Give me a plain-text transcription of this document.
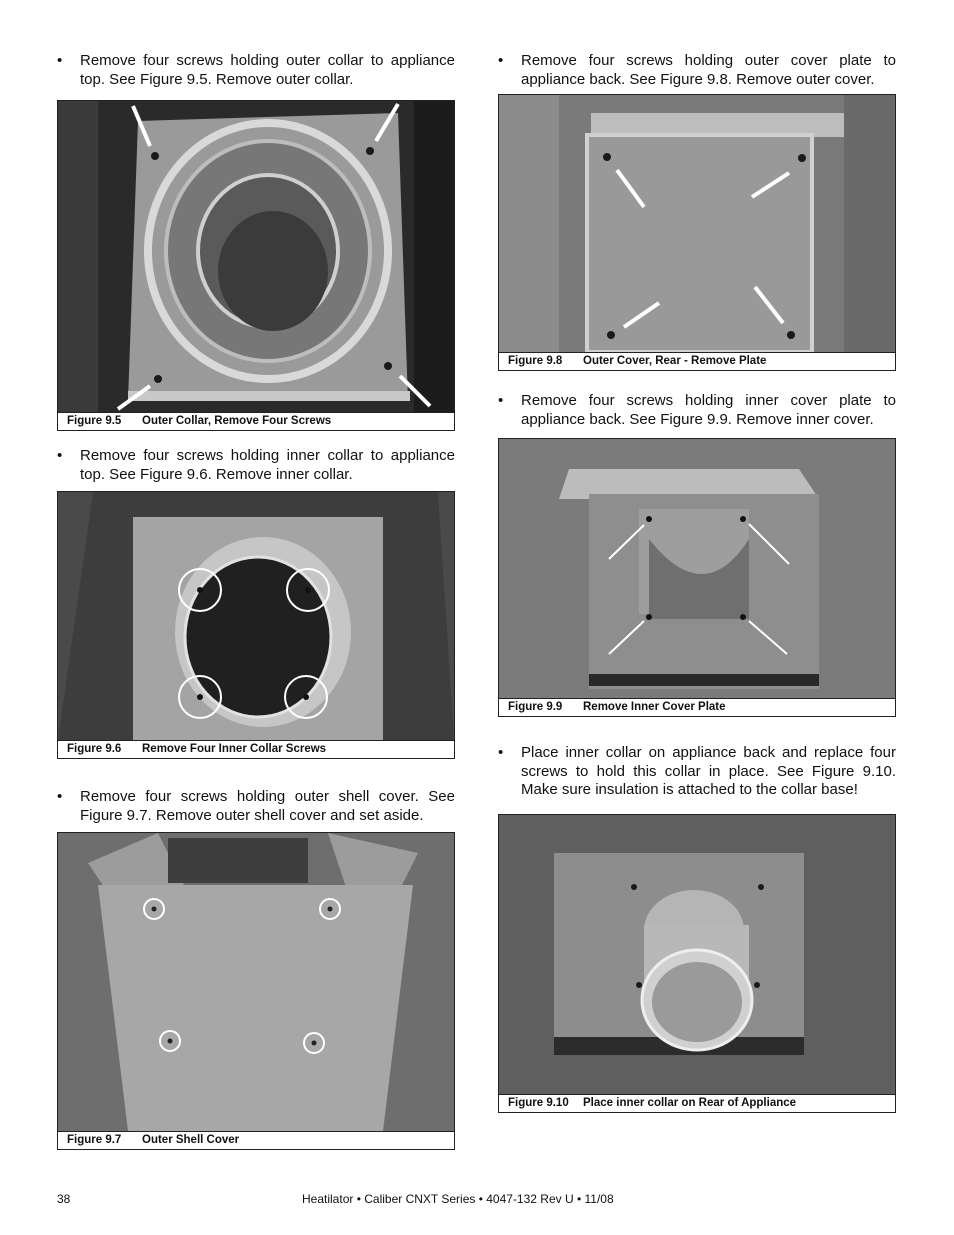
• Remove four screws holding outer collar to appliance top. See Figure 9.5. Remove outer collar.
Figure 9.5 Outer Collar, Remove Four Screws
• Remove four screws holding inner collar to appliance top. See Figure 9.6. Remove inner collar.
Figure 9.6 Remove Four Inner Collar Screws
• Remove four screws holding outer shell cover. See Figure 9.7. Remove outer shell cover and set aside.
Figure 9.7 Outer Shell Cover
• Remove four screws holding outer cover plate to appliance back. See Figure 9.8. Remove outer cover.
Figure 9.8 Outer Cover, Rear - Remove Plate
• Remove four screws holding inner cover plate to appliance back. See Figure 9.9. Remove inner cover.
Figure 9.9 Remove Inner Cover Plate
• Place inner collar on appliance back and replace four screws to hold this collar in place. See Figure 9.10. Make sure insulation is attached to the collar base!
Figure 9.10 Place inner collar on Rear of Appliance
38	Heatilator • Caliber CNXT Series • 4047-132 Rev U • 11/08
